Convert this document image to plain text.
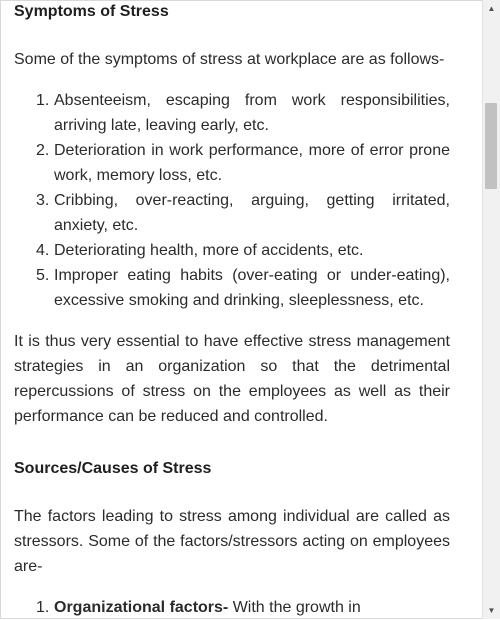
Symptoms of Stress

Some of the symptoms of stress at workplace are as follows-

1. Absenteeism, escaping from work responsibilities, arriving late, leaving early, etc.
2. Deterioration in work performance, more of error prone work, memory loss, etc.
3. Cribbing, over-reacting, arguing, getting irritated, anxiety, etc.
4. Deteriorating health, more of accidents, etc.
5. Improper eating habits (over-eating or under-eating), excessive smoking and drinking, sleeplessness, etc.

It is thus very essential to have effective stress management strategies in an organization so that the detrimental repercussions of stress on the employees as well as their performance can be reduced and controlled.

Sources/Causes of Stress

The factors leading to stress among individual are called as stressors. Some of the factors/stressors acting on employees are-

1. Organizational factors- With the growth in
▲
▼
